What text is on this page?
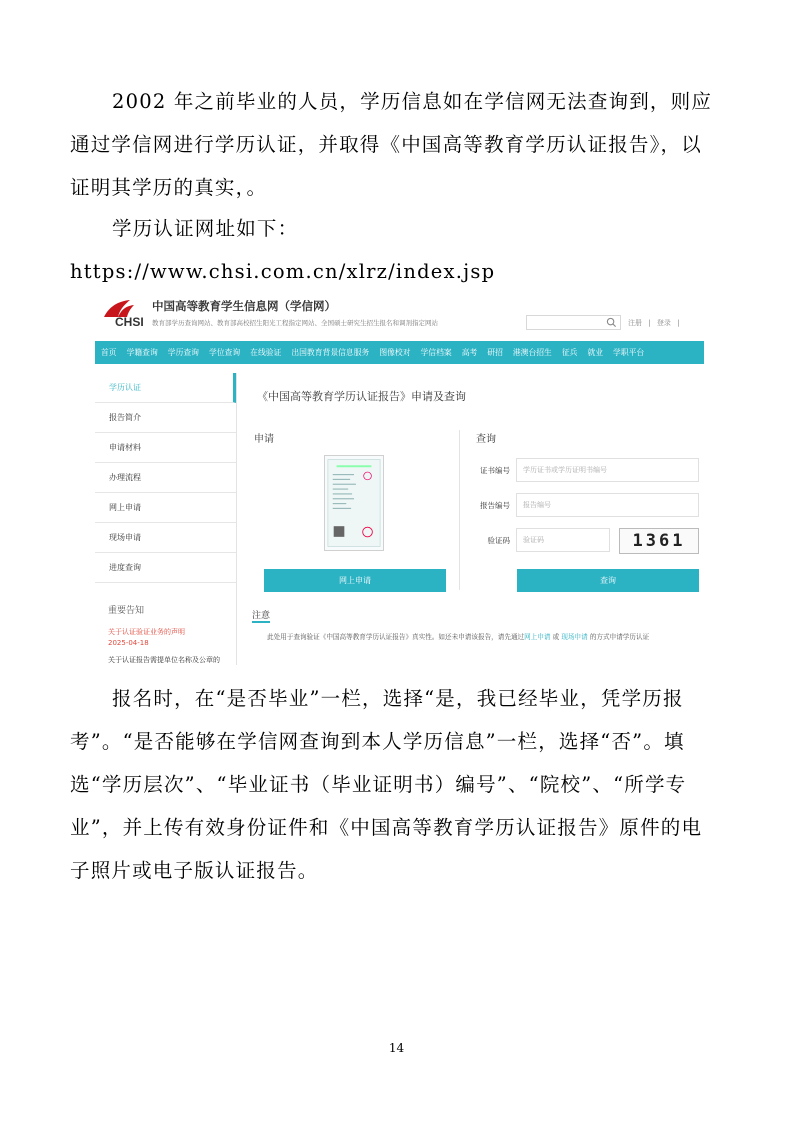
2002 年之前毕业的人员，学历信息如在学信网无法查询到，则应通过学信网进行学历认证，并取得《中国高等教育学历认证报告》，以证明其学历的真实，。

学历认证网址如下：https://www.chsi.com.cn/xlrz/index.jsp

CHSI
中国高等教育学生信息网（学信网）
教育部学历查询网站、教育部高校招生阳光工程指定网站、全国硕士研究生招生报名和调剂指定网站	注册 | 登录 |
首页 学籍查询 学历查询 学位查询 在线验证 出国教育背景信息服务 图像校对 学信档案 高考 研招 港澳台招生 征兵 就业 学职平台
学历认证
报告简介
申请材料
办理流程
网上申请
现场申请
进度查询
重要告知
关于认证验证业务的声明
2025-04-18
关于认证报告需提单位名称及公章的
《中国高等教育学历认证报告》申请及查询
申请	查询
证书编号	学历证书或学历证明书编号
报告编号	报告编号
验证码	验证码	1361
网上申请	查询
注意
此处用于查询验证《中国高等教育学历认证报告》真实性。如还未申请该报告，请先通过网上申请 或 现场申请 的方式申请学历认证

报名时，在“是否毕业”一栏，选择“是，我已经毕业，凭学历报考”。“是否能够在学信网查询到本人学历信息”一栏，选择“否”。填选“学历层次”、“毕业证书（毕业证明书）编号”、“院校”、“所学专业”，并上传有效身份证件和《中国高等教育学历认证报告》原件的电子照片或电子版认证报告。

14
